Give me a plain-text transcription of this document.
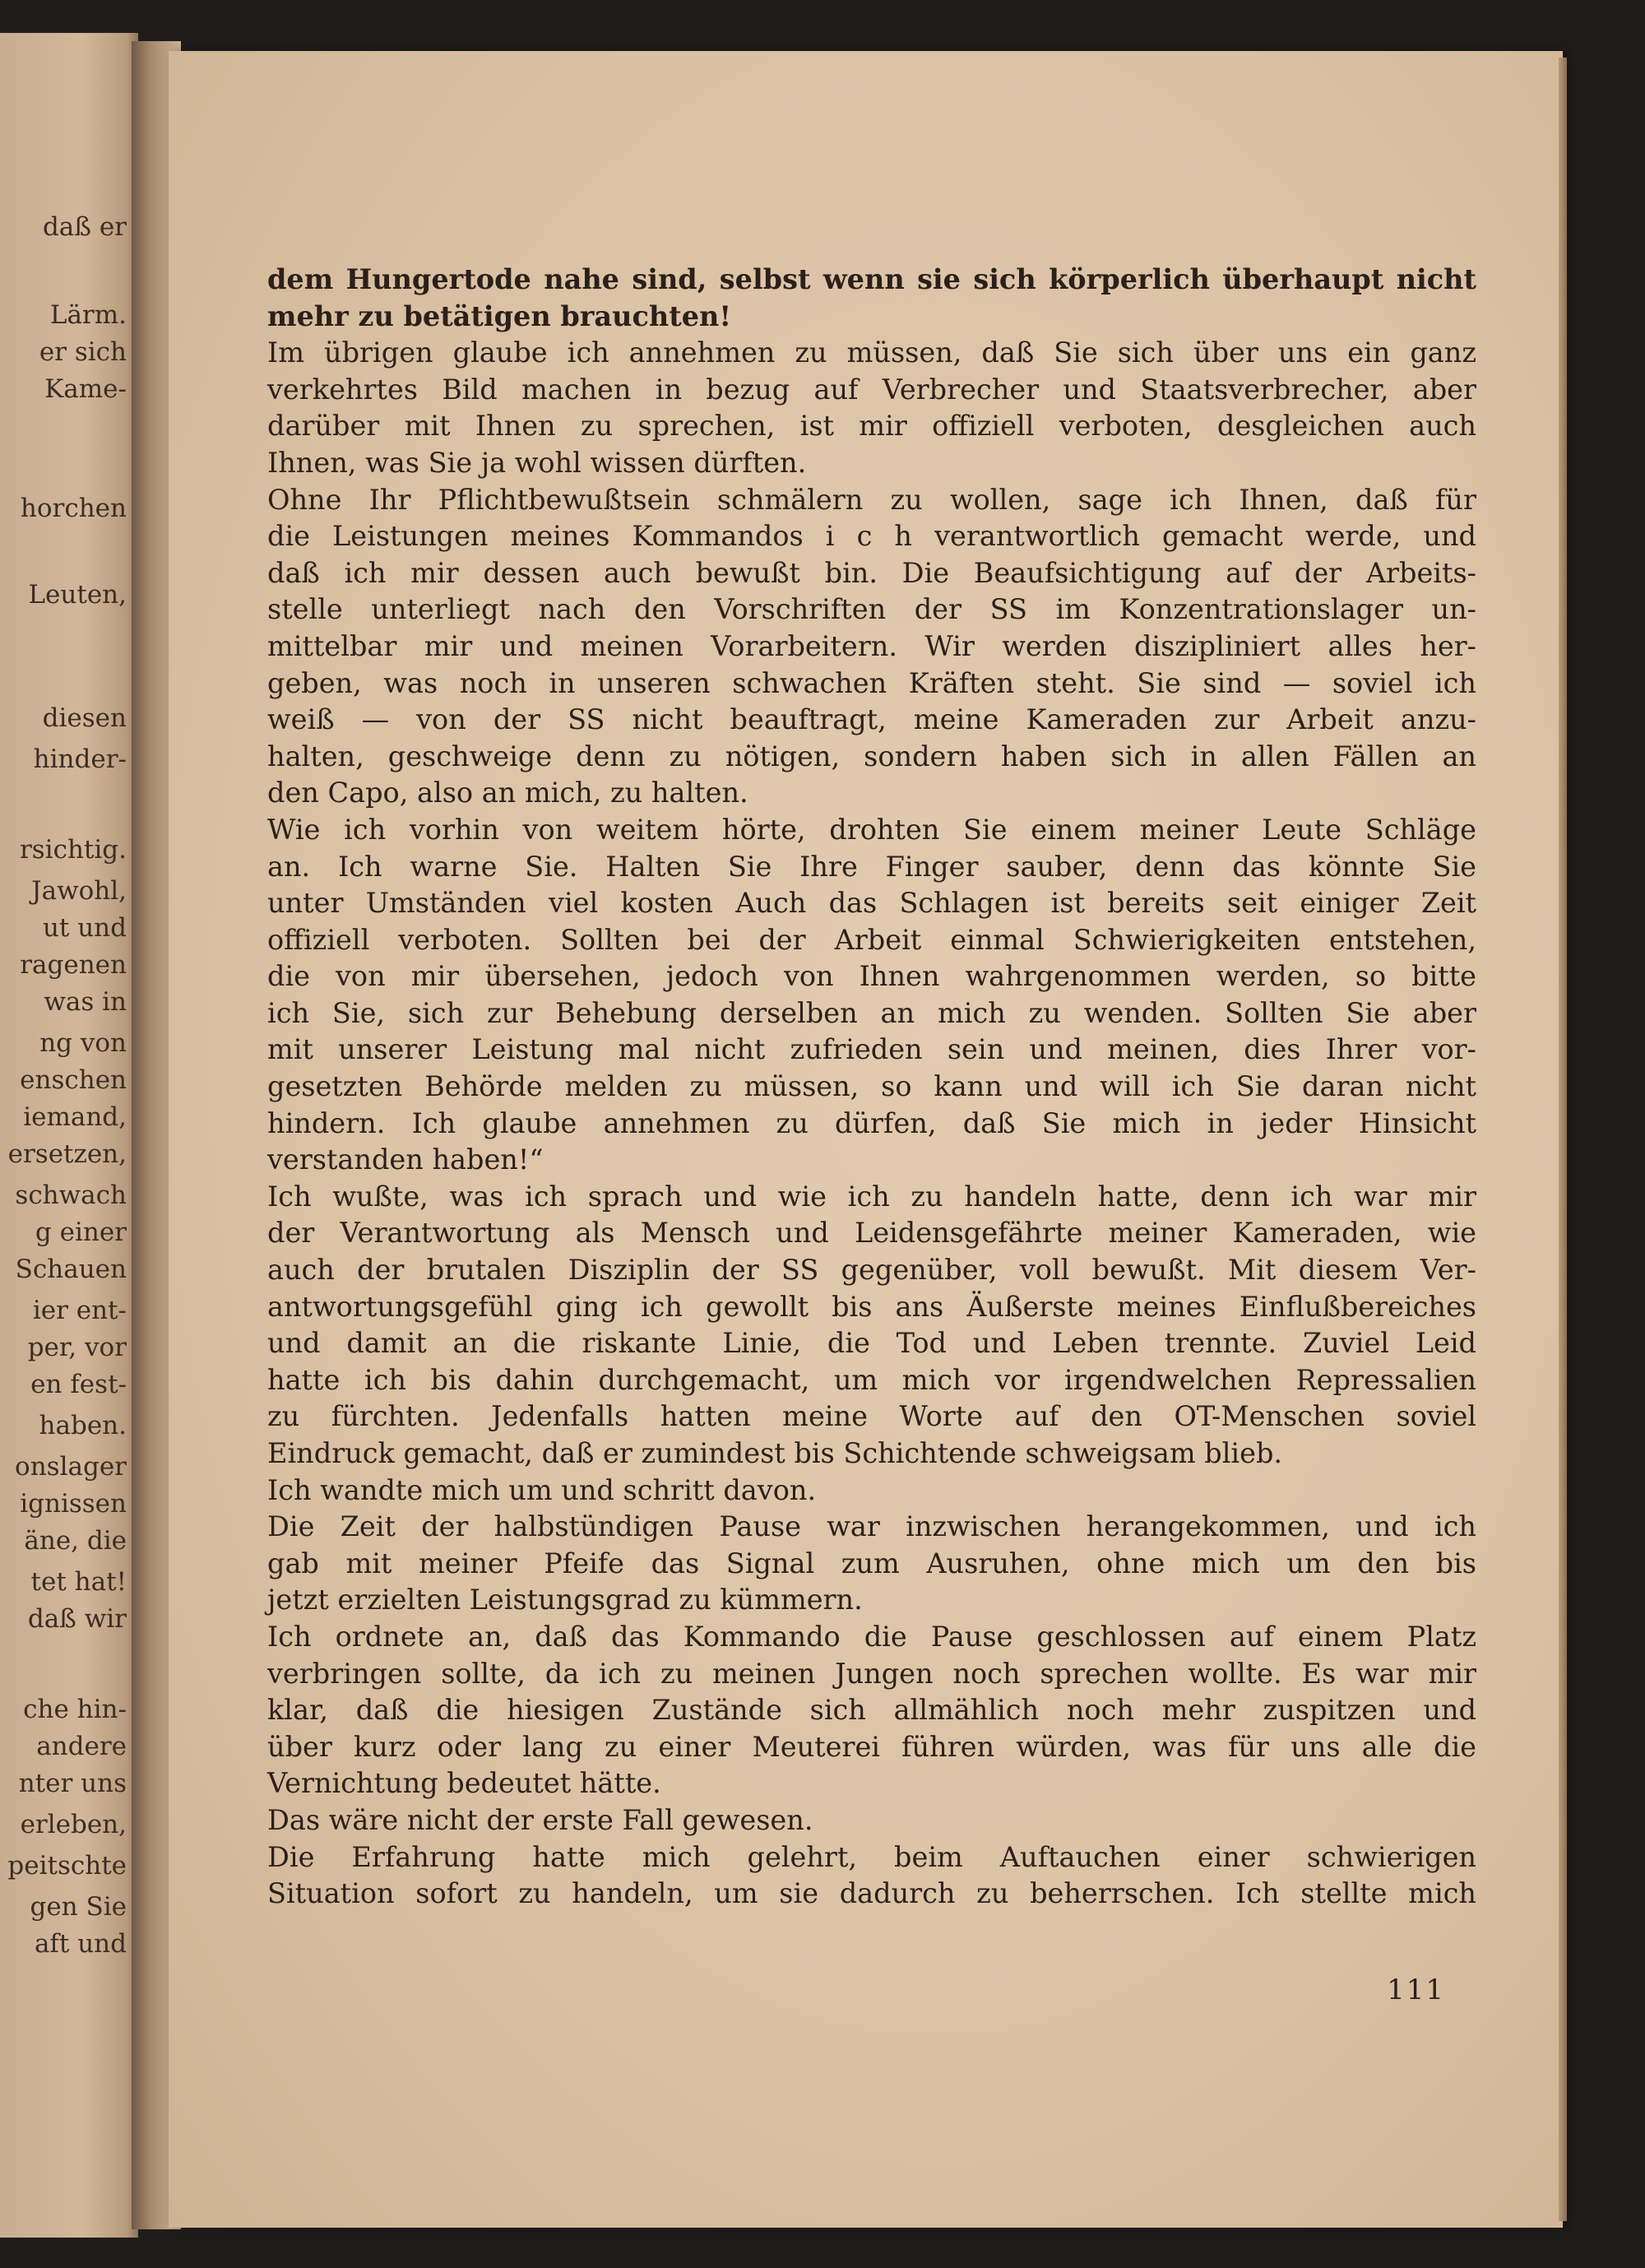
daß er
Lärm.
er sich
Kame-
horchen
Leuten,
diesen
hinder-
rsichtig.
Jawohl,
ut und
ragenen
was in
ng von
enschen
iemand,
ersetzen,
schwach
g einer
Schauen
ier ent-
per, vor
en fest-
haben.
onslager
ignissen
äne, die
tet hat!
daß wir
che hin-
andere
nter uns
erleben,
peitschte
gen Sie
aft und
dem Hungertode nahe sind, selbst wenn sie sich körperlich überhaupt nicht
mehr zu betätigen brauchten!
Im übrigen glaube ich annehmen zu müssen, daß Sie sich über uns ein ganz
verkehrtes Bild machen in bezug auf Verbrecher und Staatsverbrecher, aber
darüber mit Ihnen zu sprechen, ist mir offiziell verboten, desgleichen auch
Ihnen, was Sie ja wohl wissen dürften.
Ohne Ihr Pflichtbewußtsein schmälern zu wollen, sage ich Ihnen, daß für
die Leistungen meines Kommandos i c h verantwortlich gemacht werde, und
daß ich mir dessen auch bewußt bin. Die Beaufsichtigung auf der Arbeits-
stelle unterliegt nach den Vorschriften der SS im Konzentrationslager un-
mittelbar mir und meinen Vorarbeitern. Wir werden diszipliniert alles her-
geben, was noch in unseren schwachen Kräften steht. Sie sind — soviel ich
weiß — von der SS nicht beauftragt, meine Kameraden zur Arbeit anzu-
halten, geschweige denn zu nötigen, sondern haben sich in allen Fällen an
den Capo, also an mich, zu halten.
Wie ich vorhin von weitem hörte, drohten Sie einem meiner Leute Schläge
an. Ich warne Sie. Halten Sie Ihre Finger sauber, denn das könnte Sie
unter Umständen viel kosten Auch das Schlagen ist bereits seit einiger Zeit
offiziell verboten. Sollten bei der Arbeit einmal Schwierigkeiten entstehen,
die von mir übersehen, jedoch von Ihnen wahrgenommen werden, so bitte
ich Sie, sich zur Behebung derselben an mich zu wenden. Sollten Sie aber
mit unserer Leistung mal nicht zufrieden sein und meinen, dies Ihrer vor-
gesetzten Behörde melden zu müssen, so kann und will ich Sie daran nicht
hindern. Ich glaube annehmen zu dürfen, daß Sie mich in jeder Hinsicht
verstanden haben!“
Ich wußte, was ich sprach und wie ich zu handeln hatte, denn ich war mir
der Verantwortung als Mensch und Leidensgefährte meiner Kameraden, wie
auch der brutalen Disziplin der SS gegenüber, voll bewußt. Mit diesem Ver-
antwortungsgefühl ging ich gewollt bis ans Äußerste meines Einflußbereiches
und damit an die riskante Linie, die Tod und Leben trennte. Zuviel Leid
hatte ich bis dahin durchgemacht, um mich vor irgendwelchen Repressalien
zu fürchten. Jedenfalls hatten meine Worte auf den OT-Menschen soviel
Eindruck gemacht, daß er zumindest bis Schichtende schweigsam blieb.
Ich wandte mich um und schritt davon.
Die Zeit der halbstündigen Pause war inzwischen herangekommen, und ich
gab mit meiner Pfeife das Signal zum Ausruhen, ohne mich um den bis
jetzt erzielten Leistungsgrad zu kümmern.
Ich ordnete an, daß das Kommando die Pause geschlossen auf einem Platz
verbringen sollte, da ich zu meinen Jungen noch sprechen wollte. Es war mir
klar, daß die hiesigen Zustände sich allmählich noch mehr zuspitzen und
über kurz oder lang zu einer Meuterei führen würden, was für uns alle die
Vernichtung bedeutet hätte.
Das wäre nicht der erste Fall gewesen.
Die Erfahrung hatte mich gelehrt, beim Auftauchen einer schwierigen
Situation sofort zu handeln, um sie dadurch zu beherrschen. Ich stellte mich
111
